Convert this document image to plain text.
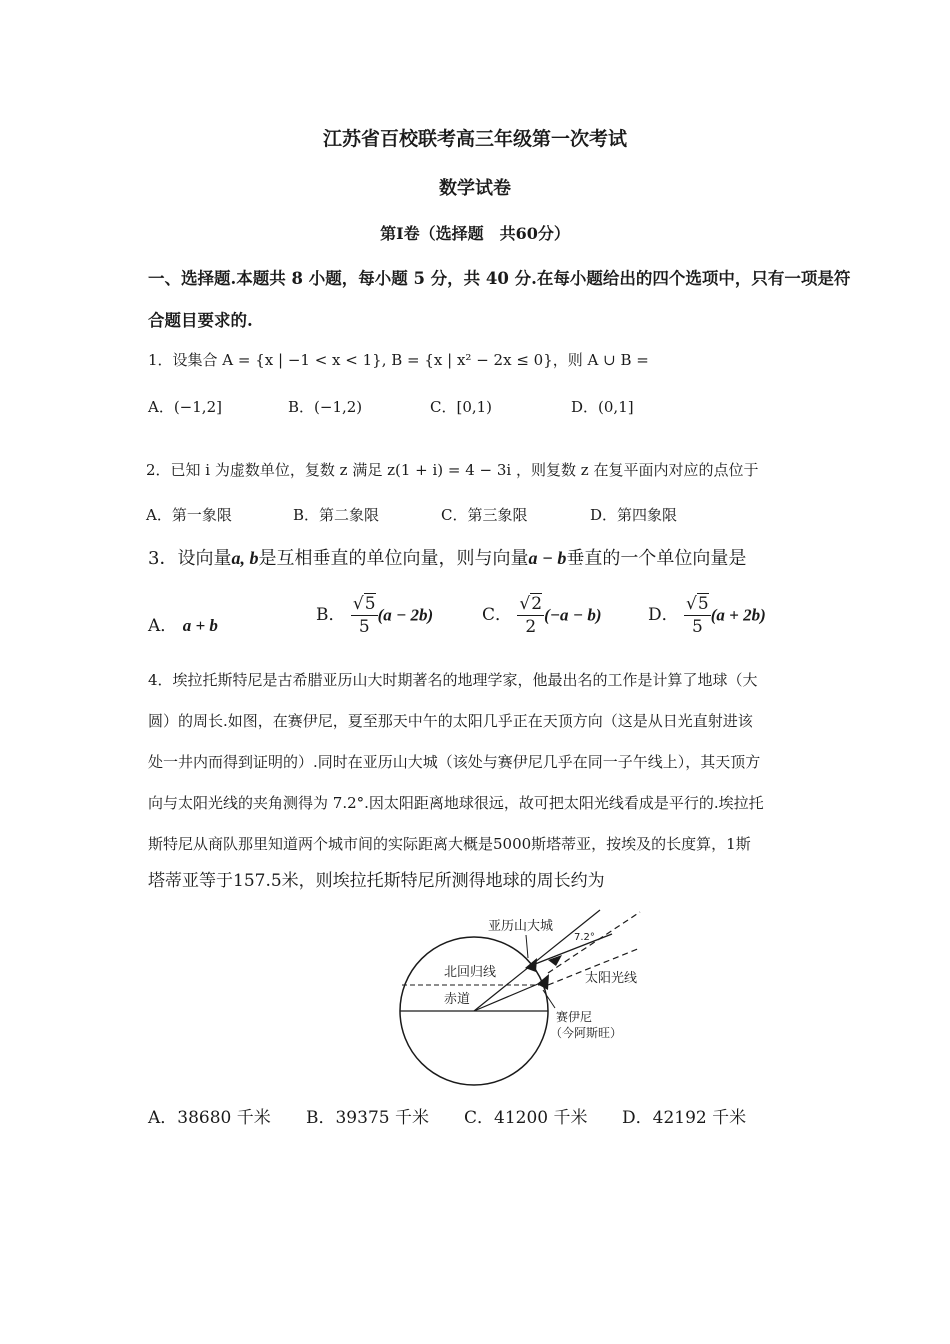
江苏省百校联考高三年级第一次考试
数学试卷
第Ⅰ卷（选择题　共60分）
一、选择题.本题共 8 小题，每小题 5 分，共 40 分.在每小题给出的四个选项中，只有一项是符
合题目要求的.
1．设集合 A = {x | −1 < x < 1}, B = {x | x² − 2x ≤ 0}，则 A ∪ B =
A．(−1,2]	B．(−1,2)	C．[0,1)	D．(0,1]
2．已知 i 为虚数单位，复数 z 满足 z(1 + i) = 4 − 3i ，则复数 z 在复平面内对应的点位于
A．第一象限	B．第二象限	C．第三象限	D．第四象限
3．设向量a, b是互相垂直的单位向量，则与向量a − b垂直的一个单位向量是
A． a + b
B． $\frac{√5}{5} (a - 2b)$	C． $\frac{√2}{2} (-a - b)$	D． $\frac{√5}{5} (a + 2b)$
4．埃拉托斯特尼是古希腊亚历山大时期著名的地理学家，他最出名的工作是计算了地球（大
圆）的周长.如图，在赛伊尼，夏至那天中午的太阳几乎正在天顶方向（这是从日光直射进该
处一井内而得到证明的）.同时在亚历山大城（该处与赛伊尼几乎在同一子午线上），其天顶方
向与太阳光线的夹角测得为 7.2°.因太阳距离地球很远，故可把太阳光线看成是平行的.埃拉托
斯特尼从商队那里知道两个城市间的实际距离大概是5000斯塔蒂亚，按埃及的长度算，1斯
塔蒂亚等于157.5米，则埃拉托斯特尼所测得地球的周长约为
亚历山大城
7.2°
北回归线	太阳光线
赤道
赛伊尼
（今阿斯旺）
A．38680 千米 B．39375 千米 C．41200 千米 D．42192 千米
